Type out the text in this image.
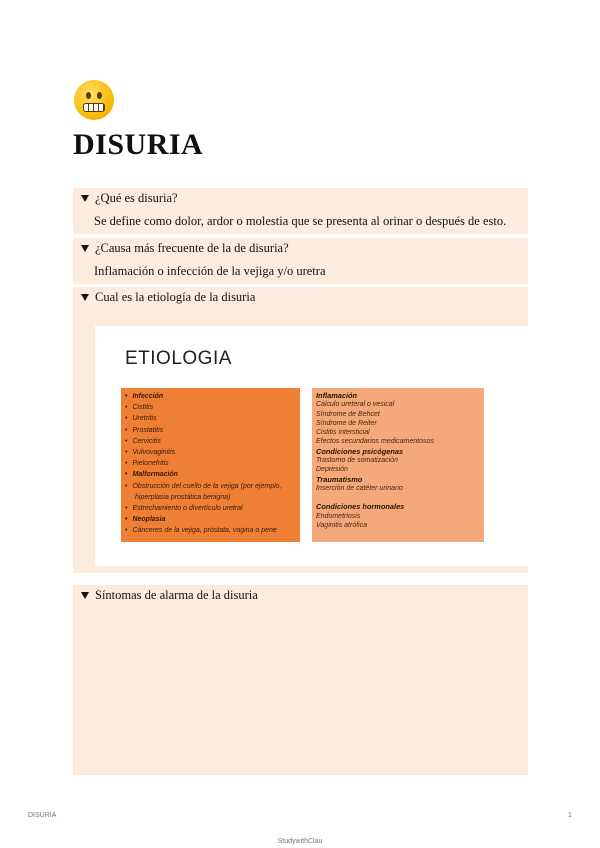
DISURIA
¿Qué es disuria?
Se define como dolor, ardor o molestia que se presenta al orinar o después de esto.
¿Causa más frecuente de la de disuria?
Inflamación o infección de la vejiga y/o uretra
Cual es la etiología de la disuria
ETIOLOGIA
• Infección
• Cistitis
• Uretritis
• Prostatitis
• Cervicitis
• Vulvovaginitis
• Pielonefritis
• Malformación
• Obstrucción del cuello de la vejiga (por ejemplo,
hiperplasia prostática benigna)
• Estrechamiento o divertículo uretral
• Neoplasia
• Cánceres de la vejiga, próstata, vagina o pene
Inflamación
Cálculo ureteral o vesical
Síndrome de Behcet
Síndrome de Reiter
Cistitis intersticial
Efectos secundarios medicamentosos
Condiciones psicógenas
Trastorno de somatización
Depresión
Traumatismo
Inserción de catéter urinario
Condiciones hormonales
Endometriosis
Vaginitis atrófica
Síntomas de alarma de la disuria
DISURIA	1
StudywithClau
